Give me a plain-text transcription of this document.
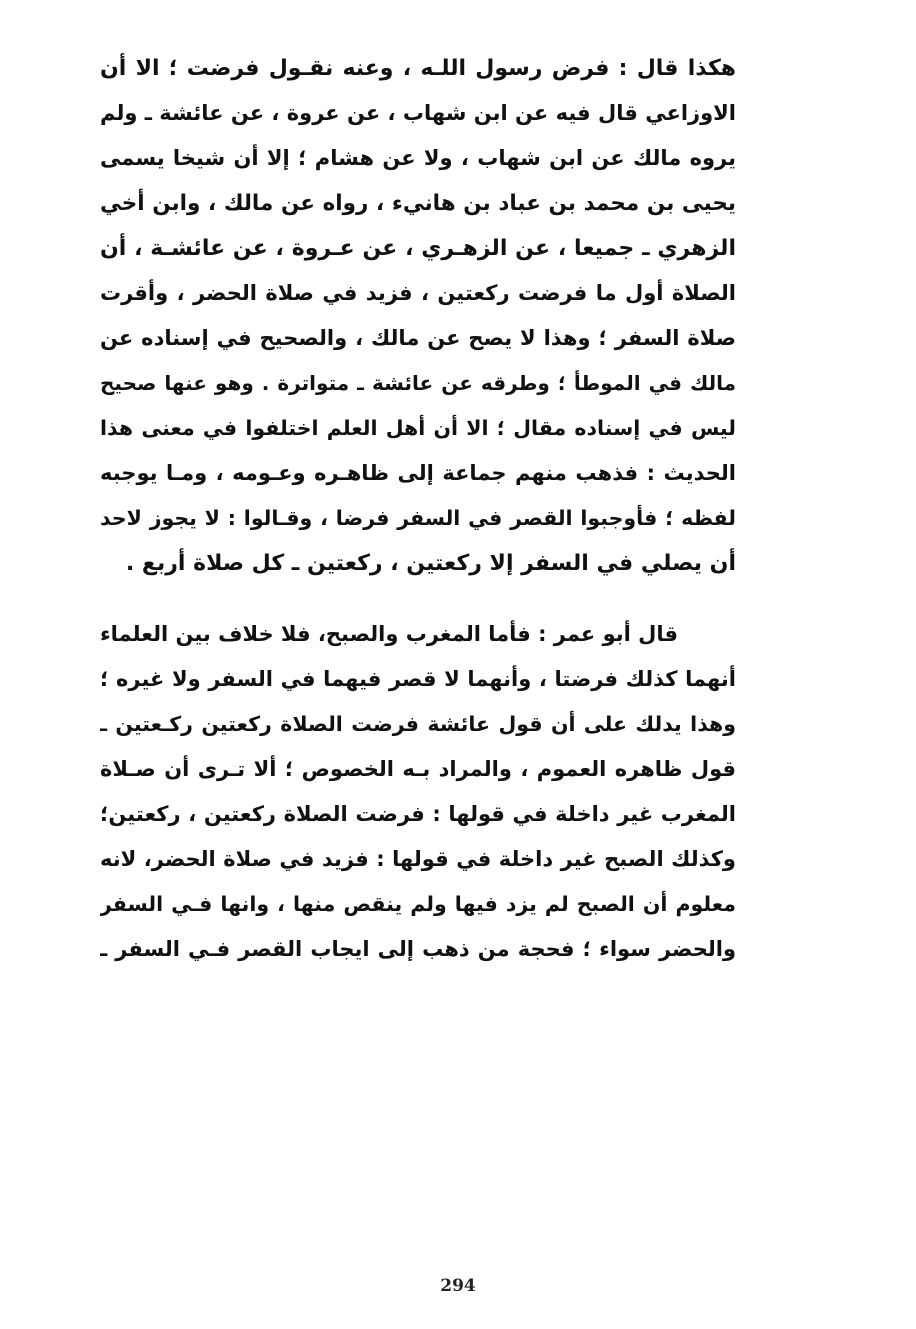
هكذا قال : فرض رسول اللـه ، وعنه نقـول فرضت ؛ الا أن
الاوزاعي قال فيه عن ابن شهاب ، عن عروة ، عن عائشة ـ ولم
يروه مالك عن ابن شهاب ، ولا عن هشام ؛ إلا أن شيخا يسمى
يحيى بن محمد بن عباد بن هانيء ، رواه عن مالك ، وابن أخي
الزهري ـ جميعا ، عن الزهـري ، عن عـروة ، عن عائشـة ، أن
الصلاة أول ما فرضت ركعتين ، فزيد في صلاة الحضر ، وأقرت
صلاة السفر ؛ وهذا لا يصح عن مالك ، والصحيح في إسناده عن
مالك في الموطأ ؛ وطرقه عن عائشة ـ متواترة . وهو عنها صحيح
ليس في إسناده مقال ؛ الا أن أهل العلم اختلفوا في معنى هذا
الحديث : فذهب منهم جماعة إلى ظاهـره وعـومه ، ومـا يوجبه
لفظه ؛ فأوجبوا القصر في السفر فرضا ، وقـالوا : لا يجوز لاحد
أن يصلي في السفر إلا ركعتين ، ركعتين ـ كل صلاة أربع .
قال أبو عمر : فأما المغرب والصبح، فلا خلاف بين العلماء
أنهما كذلك فرضتا ، وأنهما لا قصر فيهما في السفر ولا غيره ؛
وهذا يدلك على أن قول عائشة فرضت الصلاة ركعتين ركـعتين ـ
قول ظاهره العموم ، والمراد بـه الخصوص ؛ ألا تـرى أن صـلاة
المغرب غير داخلة في قولها : فرضت الصلاة ركعتين ، ركعتين؛
وكذلك الصبح غير داخلة في قولها : فزيد في صلاة الحضر، لانه
معلوم أن الصبح لم يزد فيها ولم ينقص منها ، وانها فـي السفر
والحضر سواء ؛ فحجة من ذهب إلى ايجاب القصر فـي السفر ـ
294
